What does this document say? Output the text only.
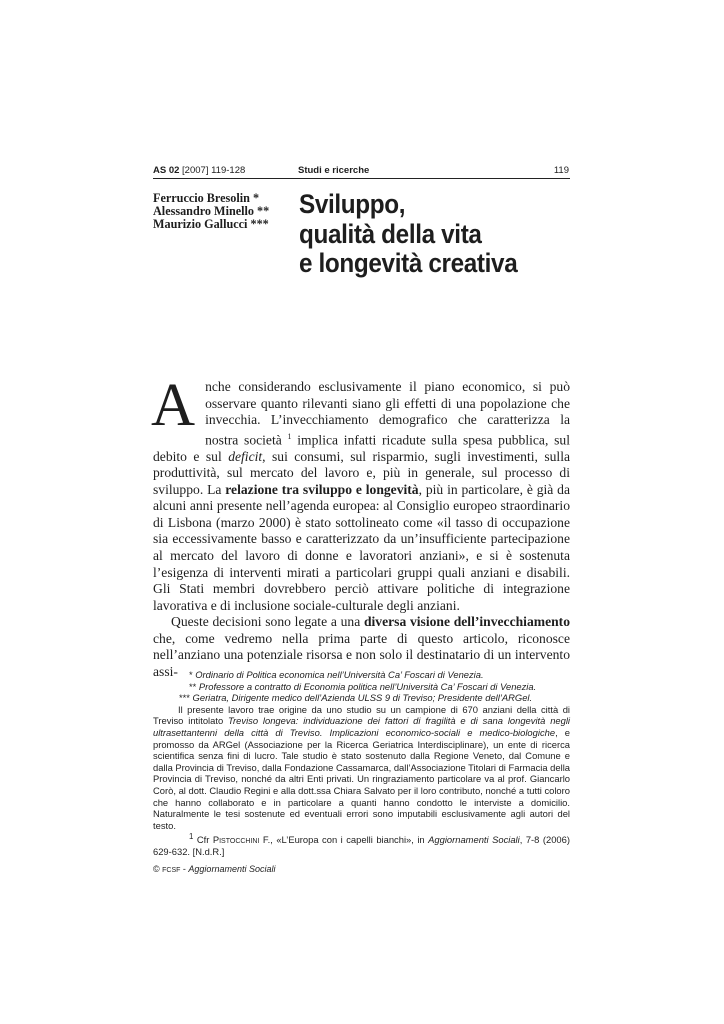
AS 02 [2007] 119-128	Studi e ricerche	119
Ferruccio Bresolin *
Alessandro Minello **
Maurizio Gallucci ***
Sviluppo,
qualità della vita
e longevità creativa

Anche considerando esclusivamente il piano economico, si può osservare quanto rilevanti siano gli effetti di una popolazione che invecchia. L’invecchiamento demografico che caratterizza la nostra società $^1$ implica infatti ricadute sulla spesa pubblica, sul debito e sul deficit, sui consumi, sul risparmio, sugli investimenti, sulla produttività, sul mercato del lavoro e, più in generale, sul processo di sviluppo. La relazione tra sviluppo e longevità, più in particolare, è già da alcuni anni presente nell’agenda europea: al Consiglio europeo straordinario di Lisbona (marzo 2000) è stato sottolineato come «il tasso di occupazione sia eccessivamente basso e caratterizzato da un’insufficiente partecipazione al mercato del lavoro di donne e lavoratori anziani», e si è sostenuta l’esigenza di interventi mirati a particolari gruppi quali anziani e disabili. Gli Stati membri dovrebbero perciò attivare politiche di integrazione lavorativa e di inclusione sociale-culturale degli anziani.

Queste decisioni sono legate a una diversa visione dell’invecchiamento che, come vedremo nella prima parte di questo articolo, riconosce nell’anziano una potenziale risorsa e non solo il destinatario di un intervento assi-	* Ordinario di Politica economica nell’Università Ca’ Foscari di Venezia.
** Professore a contratto di Economia politica nell’Università Ca’ Foscari di Venezia.
*** Geriatra, Dirigente medico dell’Azienda ULSS 9 di Treviso; Presidente dell’ARGel.
Il presente lavoro trae origine da uno studio su un campione di 670 anziani della città di Treviso intitolato Treviso longeva: individuazione dei fattori di fragilità e di sana longevità negli ultrasettantenni della città di Treviso. Implicazioni economico-sociali e medico-biologiche, e promosso da ARGel (Associazione per la Ricerca Geriatrica Interdisciplinare), un ente di ricerca scientifica senza fini di lucro. Tale studio è stato sostenuto dalla Regione Veneto, dal Comune e dalla Provincia di Treviso, dalla Fondazione Cassamarca, dall’Associazione Titolari di Farmacia della Provincia di Treviso, nonché da altri Enti privati. Un ringraziamento particolare va al prof. Giancarlo Corò, al dott. Claudio Regini e alla dott.ssa Chiara Salvato per il loro contributo, nonché a tutti coloro che hanno collaborato e in particolare a quanti hanno condotto le interviste a domicilio. Naturalmente le tesi sostenute ed eventuali errori sono imputabili esclusivamente agli autori del testo.
$^1$ Cfr Pistocchini F., «L’Europa con i capelli bianchi», in Aggiornamenti Sociali, 7-8 (2006) 629-632. [N.d.R.]
© FCSF - Aggiornamenti Sociali
